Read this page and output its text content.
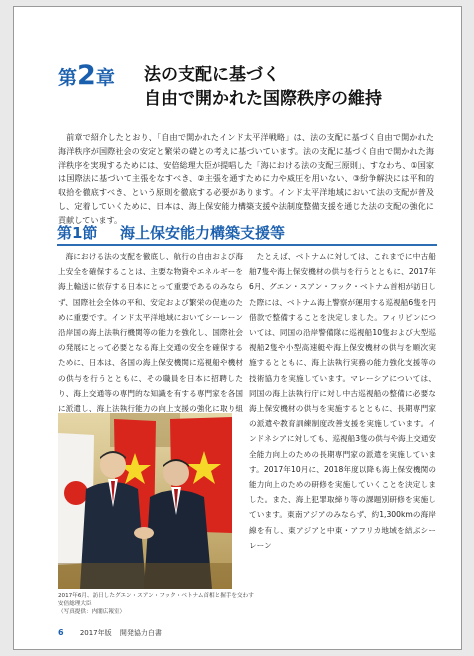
第2章 法の支配に基づく
自由で開かれた国際秩序の維持

前章で紹介したとおり、「自由で開かれたインド太平洋戦略」は、法の支配に基づく自由で開かれた海洋秩序が国際社会の安定と繁栄の礎との考えに基づいています。法の支配に基づく自由で開かれた海洋秩序を実現するためには、安倍総理大臣が提唱した「海における法の支配三原則」、すなわち、①国家は国際法に基づいて主張をなすべき、②主張を通すために力や威圧を用いない、③紛争解決には平和的収拾を徹底すべき、という原則を徹底する必要があります。インド太平洋地域において法の支配が普及し、定着していくために、日本は、海上保安能力構築支援や法制度整備支援を通じた法の支配の強化に貢献しています。

第1節 海上保安能力構築支援等

海における法の支配を徹底し、航行の自由および海上安全を確保することは、主要な物資やエネルギーを海上輸送に依存する日本にとって重要であるのみならず、国際社会全体の平和、安定および繁栄の促進のために重要です。インド太平洋地域においてシーレーン沿岸国の海上法執行機関等の能力を強化し、国際社会の発展にとって必要となる海上交通の安全を確保するために、日本は、各国の海上保安機関に巡視船や機材の供与を行うとともに、その職員を日本に招聘したり、海上交通等の専門的な知識を有する専門家を各国に派遣し、海上法執行能力の向上支援の強化に取り組

たとえば、ベトナムに対しては、これまでに中古船舶7隻や海上保安機材の供与を行うとともに、2017年6月、グエン・スアン・フック・ベトナム首相が訪日した際には、ベトナム海上警察が運用する巡視船6隻を円借款で整備することを決定しました。フィリピンについては、同国の沿岸警備隊に巡視船10隻および大型巡視船2隻や小型高速艇や海上保安機材の供与を順次実施するとともに、海上法執行実務の能力強化支援等の技術協力を実施しています。マレーシアについては、同国の海上法執行庁に対し中古巡視船の整備に必要な海上保安機材の供与を実施するとともに、長期専門家の派遣や教育訓練制度改善支援を実施しています。インドネシアに対しても、巡視船3隻の供与や海上交通安全能力向上のための長期専門家の派遣を実施しています。2017年10月に、2018年度以降も海上保安機関の能力向上のための研修を実施していくことを決定しました。また、海上犯罪取締り等の課題別研修を実施しています。東南アジアのみならず、約1,300kmの海岸線を有し、東アジアと中東・アフリカ地域を結ぶシーレーン

2017年6月、訪日したグエン・スアン・フック・ベトナム首相と握手を交わす安倍総理大臣
（写真提供：内閣広報室）
6 2017年版 開発協力白書
